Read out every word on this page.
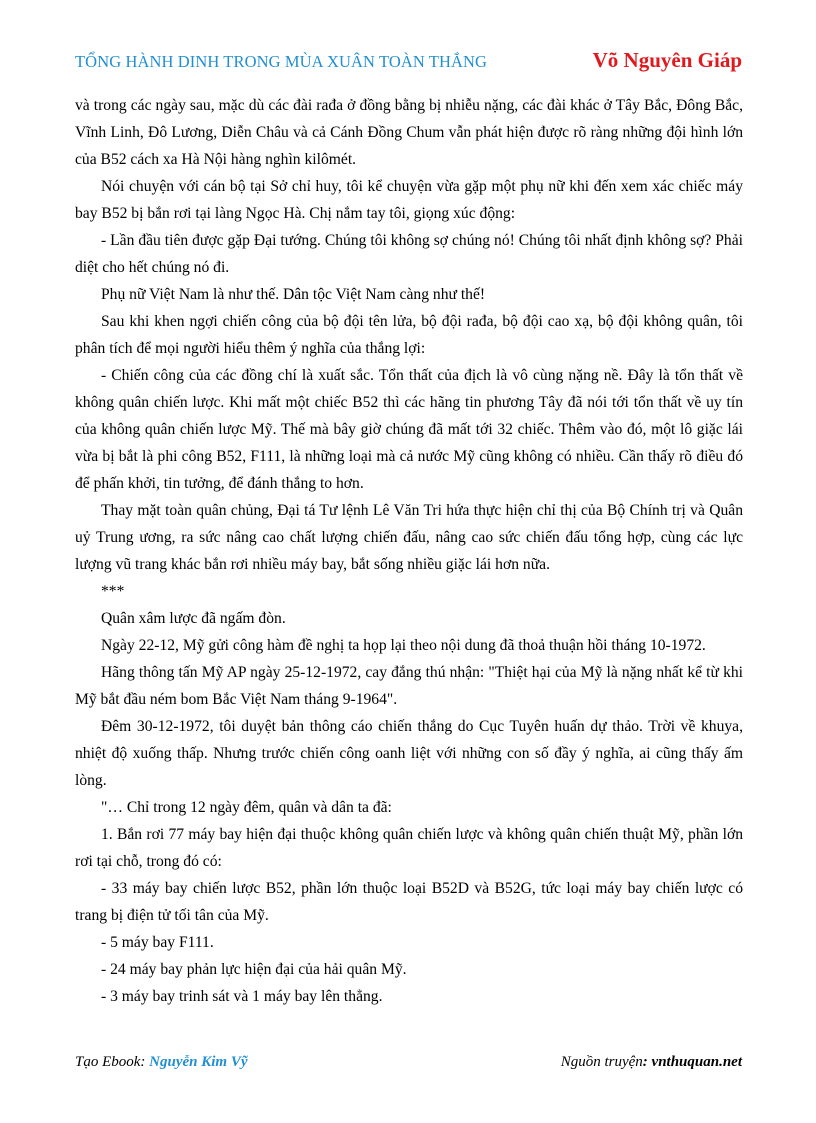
TỔNG HÀNH DINH TRONG MÙA XUÂN TOÀN THẮNG	Võ Nguyên Giáp

và trong các ngày sau, mặc dù các đài rađa ở đồng bằng bị nhiễu nặng, các đài khác ở Tây Bắc, Đông Bắc, Vĩnh Linh, Đô Lương, Diễn Châu và cả Cánh Đồng Chum vẫn phát hiện được rõ ràng những đội hình lớn của B52 cách xa Hà Nội hàng nghìn kilômét.

Nói chuyện với cán bộ tại Sở chỉ huy, tôi kể chuyện vừa gặp một phụ nữ khi đến xem xác chiếc máy bay B52 bị bắn rơi tại làng Ngọc Hà. Chị nắm tay tôi, giọng xúc động:

- Lần đầu tiên được gặp Đại tướng. Chúng tôi không sợ chúng nó! Chúng tôi nhất định không sợ? Phải diệt cho hết chúng nó đi.

Phụ nữ Việt Nam là như thế. Dân tộc Việt Nam càng như thế!

Sau khi khen ngợi chiến công của bộ đội tên lửa, bộ đội rađa, bộ đội cao xạ, bộ đội không quân, tôi phân tích để mọi người hiểu thêm ý nghĩa của thắng lợi:

- Chiến công của các đồng chí là xuất sắc. Tổn thất của địch là vô cùng nặng nề. Đây là tổn thất về không quân chiến lược. Khi mất một chiếc B52 thì các hãng tin phương Tây đã nói tới tổn thất về uy tín của không quân chiến lược Mỹ. Thế mà bây giờ chúng đã mất tới 32 chiếc. Thêm vào đó, một lô giặc lái vừa bị bắt là phi công B52, F111, là những loại mà cả nước Mỹ cũng không có nhiều. Cần thấy rõ điều đó để phấn khởi, tin tưởng, để đánh thắng to hơn.

Thay mặt toàn quân chủng, Đại tá Tư lệnh Lê Văn Tri hứa thực hiện chỉ thị của Bộ Chính trị và Quân uỷ Trung ương, ra sức nâng cao chất lượng chiến đấu, nâng cao sức chiến đấu tổng hợp, cùng các lực lượng vũ trang khác bắn rơi nhiều máy bay, bắt sống nhiều giặc lái hơn nữa.

***

Quân xâm lược đã ngấm đòn.

Ngày 22-12, Mỹ gửi công hàm đề nghị ta họp lại theo nội dung đã thoả thuận hồi tháng 10-1972.

Hãng thông tấn Mỹ AP ngày 25-12-1972, cay đắng thú nhận: "Thiệt hại của Mỹ là nặng nhất kể từ khi Mỹ bắt đầu ném bom Bắc Việt Nam tháng 9-1964".

Đêm 30-12-1972, tôi duyệt bản thông cáo chiến thắng do Cục Tuyên huấn dự thảo. Trời về khuya, nhiệt độ xuống thấp. Nhưng trước chiến công oanh liệt với những con số đầy ý nghĩa, ai cũng thấy ấm lòng.

"… Chỉ trong 12 ngày đêm, quân và dân ta đã:

1. Bắn rơi 77 máy bay hiện đại thuộc không quân chiến lược và không quân chiến thuật Mỹ, phần lớn rơi tại chỗ, trong đó có:

- 33 máy bay chiến lược B52, phần lớn thuộc loại B52D và B52G, tức loại máy bay chiến lược có trang bị điện tử tối tân của Mỹ.

- 5 máy bay F111.

- 24 máy bay phản lực hiện đại của hải quân Mỹ.

- 3 máy bay trinh sát và 1 máy bay lên thẳng.

Tạo Ebook: Nguyễn Kim Vỹ	Nguồn truyện: vnthuquan.net
